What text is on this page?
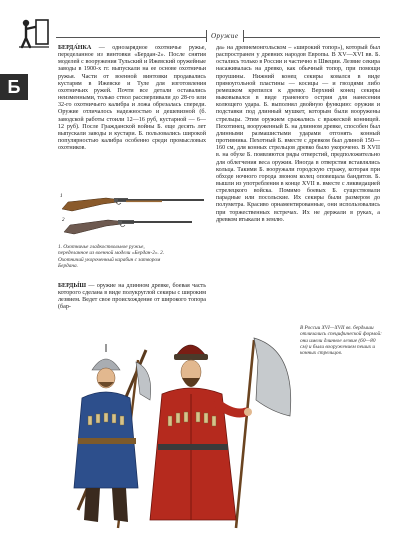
Оружие
Б
БЕРДА́НКА — однозарядное охотничье ружье, переделанное из винтовки «Бердан-2». После снятия моделей с вооружения Тульский и Ижевский оружейные заводы в 1900-х гг. выпускали на ее основе охотничьи ружья. Части от военной винтовки продавались кустарям в Ижевске и Туле для изготовления охотничьих ружей. Почти все детали оставались неизменными, только ствол рассверливали до 28-го или 32-го охотничьего калибра и ложа обрезалась спереди. Оружие отличалось надежностью и дешевизной (б. заводской работы стоили 12—16 руб, кустарной — 6—12 руб). После Гражданской войны Б. еще десять лет выпускали заводы и кустари. Б. пользовались широкой популярностью калибра особенно среди промысловых охотников.
1
2
1. Охотничье гладкоствольное ружье, переделанное из военной модели «Бердан-2». 2. Охотничий укороченный карабин с затвором Бердана.
БЕРДЫ́Ш — оружие на длинном древке, боевая часть которого сделана в виде полукруглой секиры с широким лезвием. Ведет свое происхождение от широкого топора (бар-
да» на древнемонгольском – «широкий топор»), который был распространен у древних народов Европы. В XV—XVI вв. Б. остались только в России и частично в Швеции. Лезвие секира насаживалась на древко, как обычный топор, при помощи проушины. Нижний конец секиры ковался в виде прямоугольной пластины — косицы — и гвоздями либо ремешком крепился к древку. Верхний конец секиры выковывался в виде граненого острия для нанесения колющего удара. Б. выполнял двойную функцию: оружия и подставки под длинный мушкет, которым были вооружены стрельцы. Этим оружием сражались с вражеской конницей. Пехотинец, вооруженный Б. на длинном древке, способен был длинными размашистыми ударами отгонять конный противника. Пехотный Б. вместе с древком был длиной 150—160 см, для конных стрельцов древко было укорочено. В XVII в. на обухе Б. появляются ряды отверстий, предположительно для облегчения веса оружия. Иногда в отверстия вставлялись кольца. Такими Б. вооружали городскую стражу, которая при обходе ночного города звоном колец оповещала бандитов. Б. вышли из употребления в конце XVII в. вместе с ликвидацией стрелецкого войска. Помимо боевых Б. существовали парадные или посольские. Их секиры были размером до полуметра. Красиво орнаментированные, они использовались при торжественных встречах. Их не держали в руках, а древком втыкали в землю.
В России XVI—XVII вв. бердыши отличались специфической формой: они имели длинное лезвие (60—80 см) и были вооружением пеших и конных стрельцов.
